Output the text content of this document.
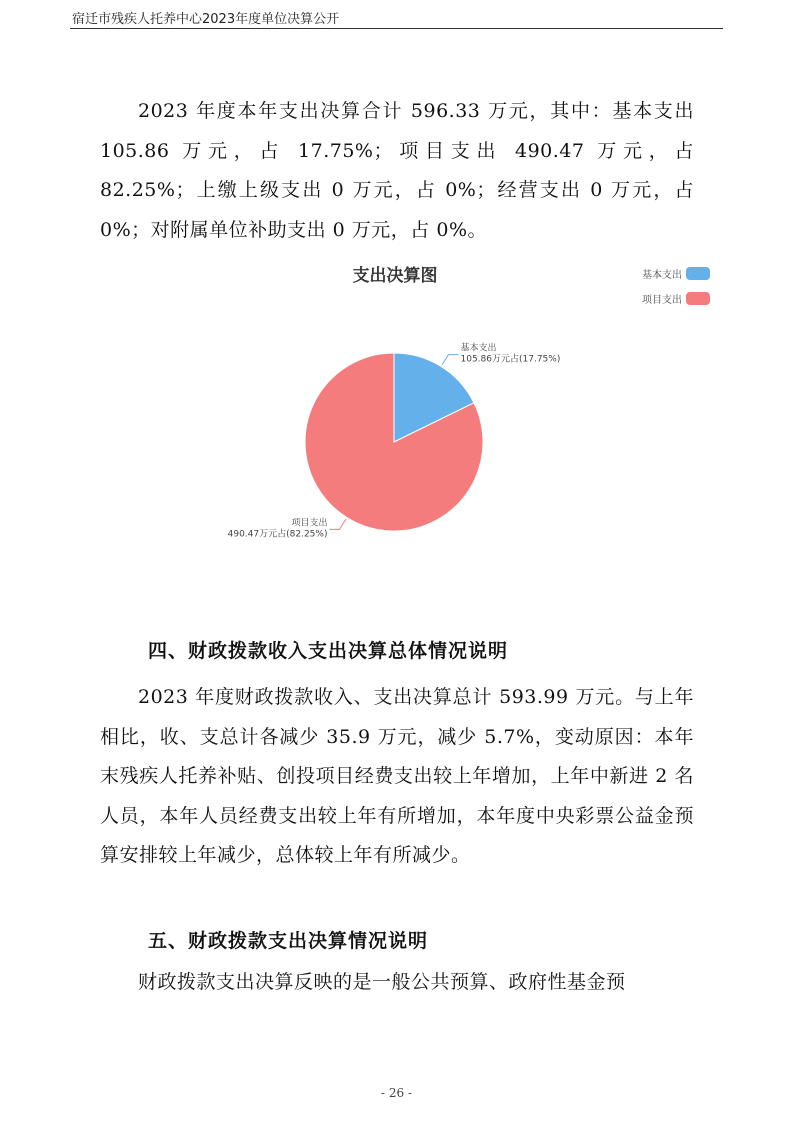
宿迁市残疾人托养中心2023年度单位决算公开
2023 年度本年支出决算合计 596.33 万元，其中：基本支出 105.86 万元，占 17.75%；项目支出 490.47 万元，占 82.25%；上缴上级支出 0 万元，占 0%；经营支出 0 万元，占 0%；对附属单位补助支出 0 万元，占 0%。
支出决算图	基本支出
项目支出
基本支出
105.86万元占(17.75%)
项目支出
490.47万元占(82.25%)
四、财政拨款收入支出决算总体情况说明
2023 年度财政拨款收入、支出决算总计 593.99 万元。与上年相比，收、支总计各减少 35.9 万元，减少 5.7%，变动原因：本年末残疾人托养补贴、创投项目经费支出较上年增加，上年中新进 2 名人员，本年人员经费支出较上年有所增加，本年度中央彩票公益金预算安排较上年减少，总体较上年有所减少。
五、财政拨款支出决算情况说明
财政拨款支出决算反映的是一般公共预算、政府性基金预
- 26 -
